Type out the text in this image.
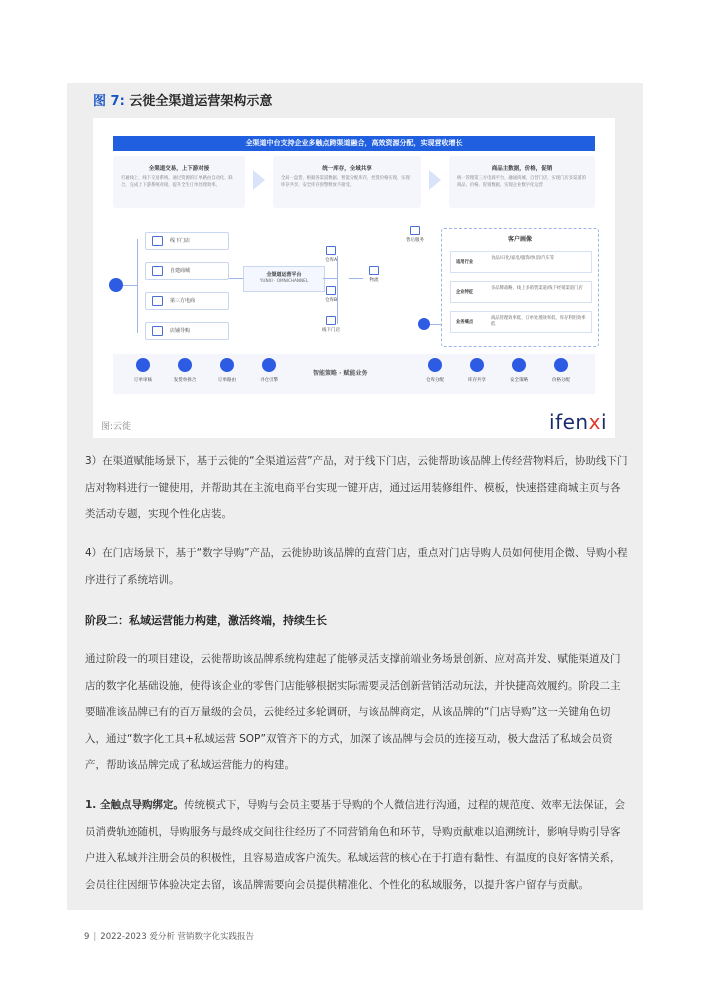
图 7: 云徙全渠道运营架构示意
全渠道中台支持企业多触点跨渠道融合，高效资源分配，实现营收增长
全渠道交易，上下游对接
打通线上、线下交易系统，通过资源的订单路由自动化、联合，完成上下游系统对接，提升全生订单处理效率。
统一库存，全域共享
全局一盘货，根据各渠道数据、智能分配库存，控货价格实现，实现库存共享，安全库存预警释放不接受。
商品主数据，价格，促销
统一管理第三方电商平台，融通商城、自营门店，实现门店多渠道的商品、价格、促销数据，实现企业数字化运营
线下门店
自建商城
第三方电商
店铺导购
全渠道运营平台
YUNXI · OMNICHANNEL
仓库A
仓库B
线下门店
物流
售后服务	客户画像
适用行业
食品/日化/家电/服饰/快消/汽车等
企业特征
多品牌战略，线上多销售渠道/线下经销渠道门店
业务痛点
商品管理效率低、订单处理效率低、库存利用效率低
订单审核	发货单拆合	订单路由	寻仓引擎
智能策略 · 赋能业务
仓库分配	库存共享	安全策略	价格分配
图:云徙	ifenxi

3）在渠道赋能场景下，基于云徙的“全渠道运营”产品，对于线下门店，云徙帮助该品牌上传经营物料后，协助线下门店对物料进行一键使用，并帮助其在主流电商平台实现一键开店，通过运用装修组件、模板，快速搭建商城主页与各类活动专题，实现个性化店装。

4）在门店场景下，基于“数字导购”产品，云徙协助该品牌的直营门店，重点对门店导购人员如何使用企微、导购小程序进行了系统培训。

阶段二：私域运营能力构建，激活终端，持续生长

通过阶段一的项目建设，云徙帮助该品牌系统构建起了能够灵活支撑前端业务场景创新、应对高并发、赋能渠道及门店的数字化基础设施，使得该企业的零售门店能够根据实际需要灵活创新营销活动玩法，并快捷高效履约。阶段二主要瞄准该品牌已有的百万量级的会员，云徙经过多轮调研，与该品牌商定，从该品牌的“门店导购”这一关键角色切入，通过“数字化工具+私域运营 SOP”双管齐下的方式，加深了该品牌与会员的连接互动，极大盘活了私域会员资产，帮助该品牌完成了私域运营能力的构建。

1. 全触点导购绑定。传统模式下，导购与会员主要基于导购的个人微信进行沟通，过程的规范度、效率无法保证，会员消费轨迹随机，导购服务与最终成交间往往经历了不同营销角色和环节，导购贡献难以追溯统计，影响导购引导客户进入私域并注册会员的积极性，且容易造成客户流失。私域运营的核心在于打造有黏性、有温度的良好客情关系，会员往往因细节体验决定去留，该品牌需要向会员提供精准化、个性化的私域服务，以提升客户留存与贡献。

9 | 2022-2023 爱分析 营销数字化实践报告
